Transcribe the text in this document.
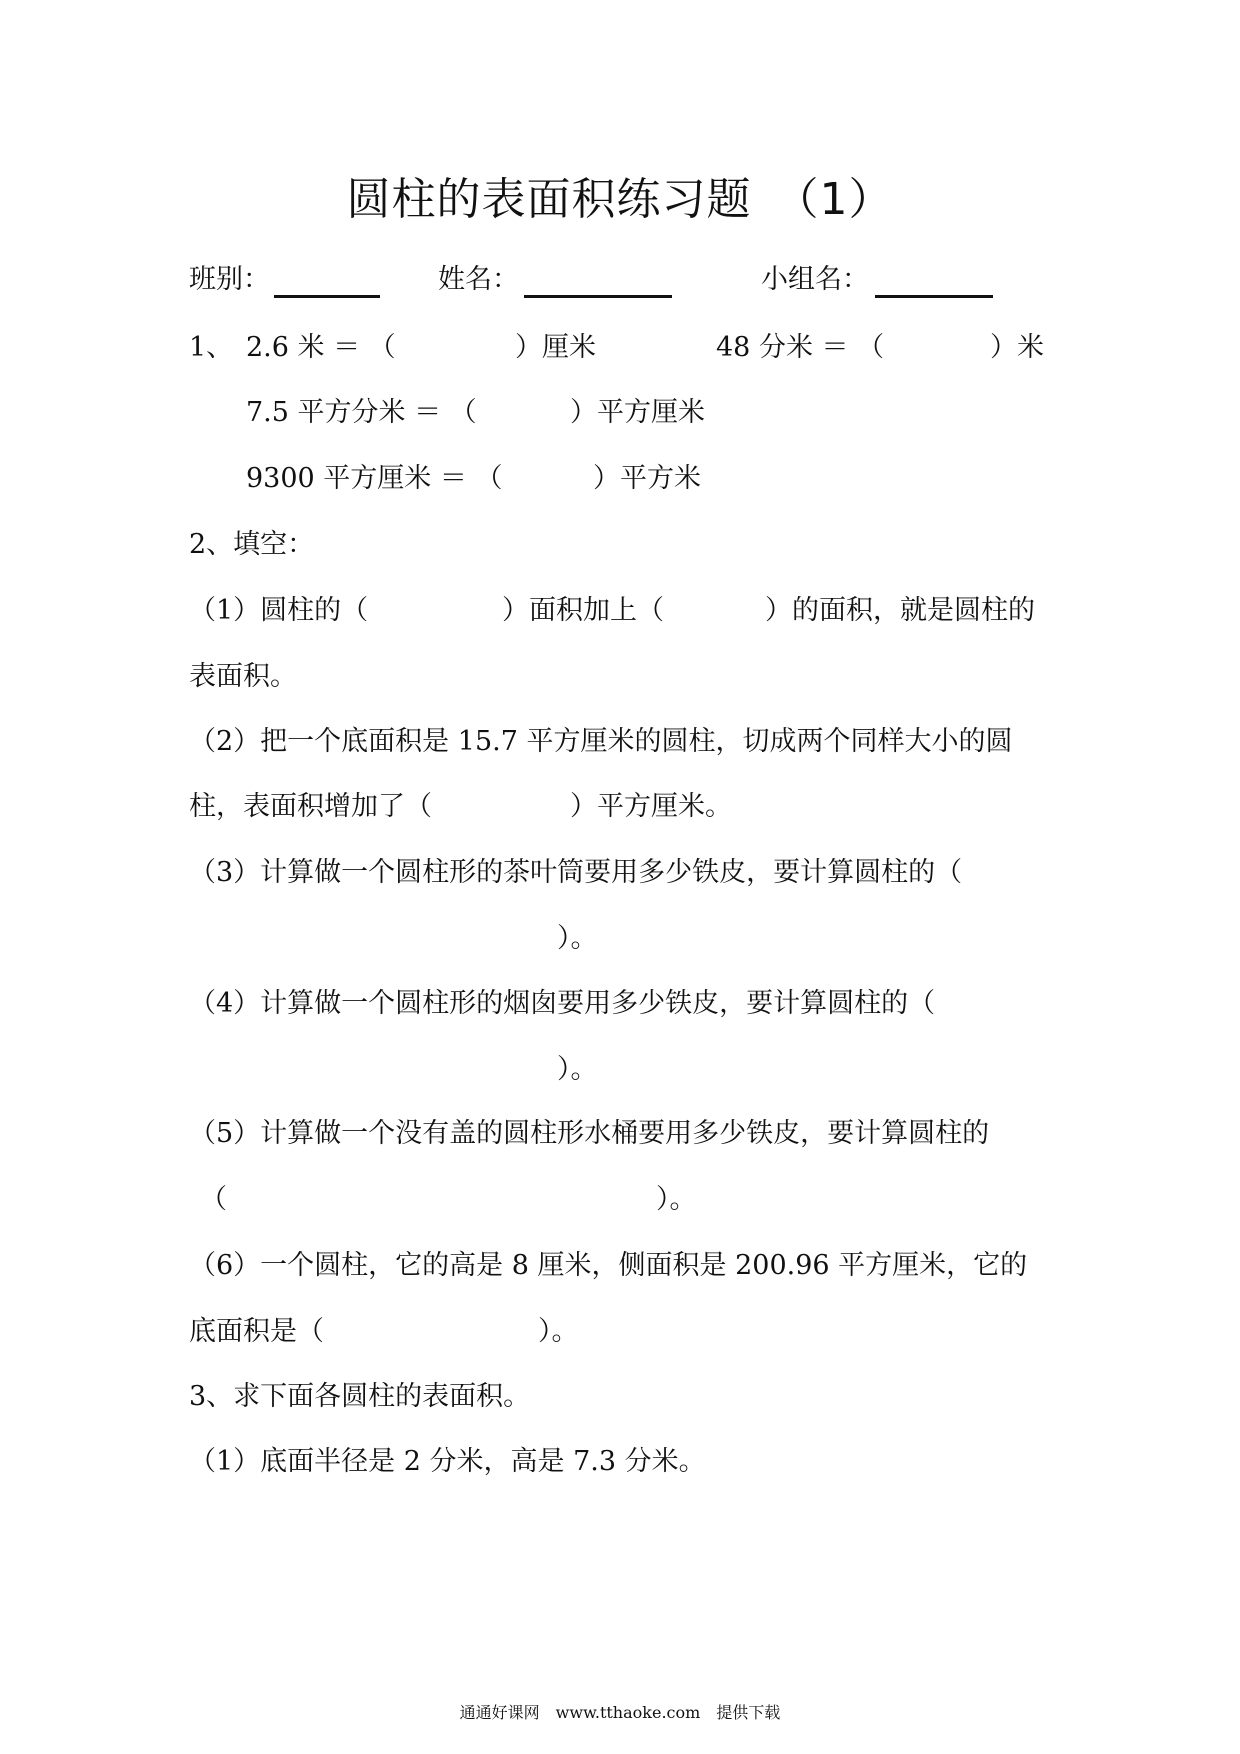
圆柱的表面积练习题　（1）
班别：	姓名：	小组名：
1、 2.6 米 ＝ （	）厘米	48 分米 ＝ （	）米
7.5 平方分米 ＝ （	）平方厘米
9300 平方厘米 ＝ （	）平方米
2、填空：
（1）圆柱的（	）面积加上（	）的面积，就是圆柱的
表面积。
（2）把一个底面积是 15.7 平方厘米的圆柱，切成两个同样大小的圆
柱，表面积增加了（	）平方厘米。
（3）计算做一个圆柱形的茶叶筒要用多少铁皮，要计算圆柱的（
）。
（4）计算做一个圆柱形的烟囱要用多少铁皮，要计算圆柱的（
）。
（5）计算做一个没有盖的圆柱形水桶要用多少铁皮，要计算圆柱的
（	）。
（6）一个圆柱，它的高是 8 厘米，侧面积是 200.96 平方厘米，它的
底面积是（	）。
3、求下面各圆柱的表面积。
（1）底面半径是 2 分米，高是 7.3 分米。
通通好课网　www.tthaoke.com　提供下载
